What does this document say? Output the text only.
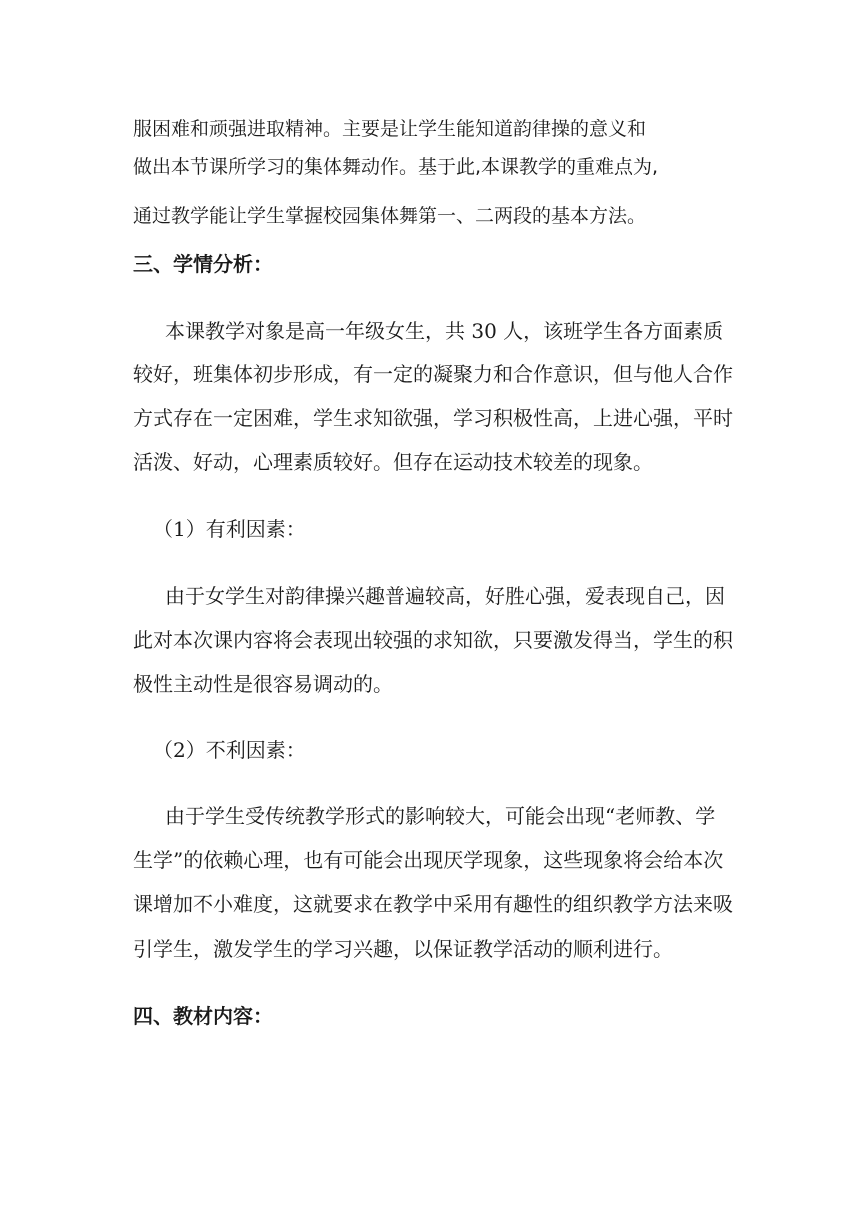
服困难和顽强进取精神。主要是让学生能知道韵律操的意义和
做出本节课所学习的集体舞动作。基于此,本课教学的重难点为,
通过教学能让学生掌握校园集体舞第一、二两段的基本方法。
三、学情分析：
本课教学对象是高一年级女生，共 30 人，该班学生各方面素质
较好，班集体初步形成，有一定的凝聚力和合作意识，但与他人合作
方式存在一定困难，学生求知欲强，学习积极性高，上进心强，平时
活泼、好动，心理素质较好。但存在运动技术较差的现象。
（1）有利因素：
由于女学生对韵律操兴趣普遍较高，好胜心强，爱表现自己，因
此对本次课内容将会表现出较强的求知欲，只要激发得当，学生的积
极性主动性是很容易调动的。
（2）不利因素：
由于学生受传统教学形式的影响较大，可能会出现“老师教、学
生学”的依赖心理，也有可能会出现厌学现象，这些现象将会给本次
课增加不小难度，这就要求在教学中采用有趣性的组织教学方法来吸
引学生，激发学生的学习兴趣，以保证教学活动的顺利进行。
四、教材内容：
